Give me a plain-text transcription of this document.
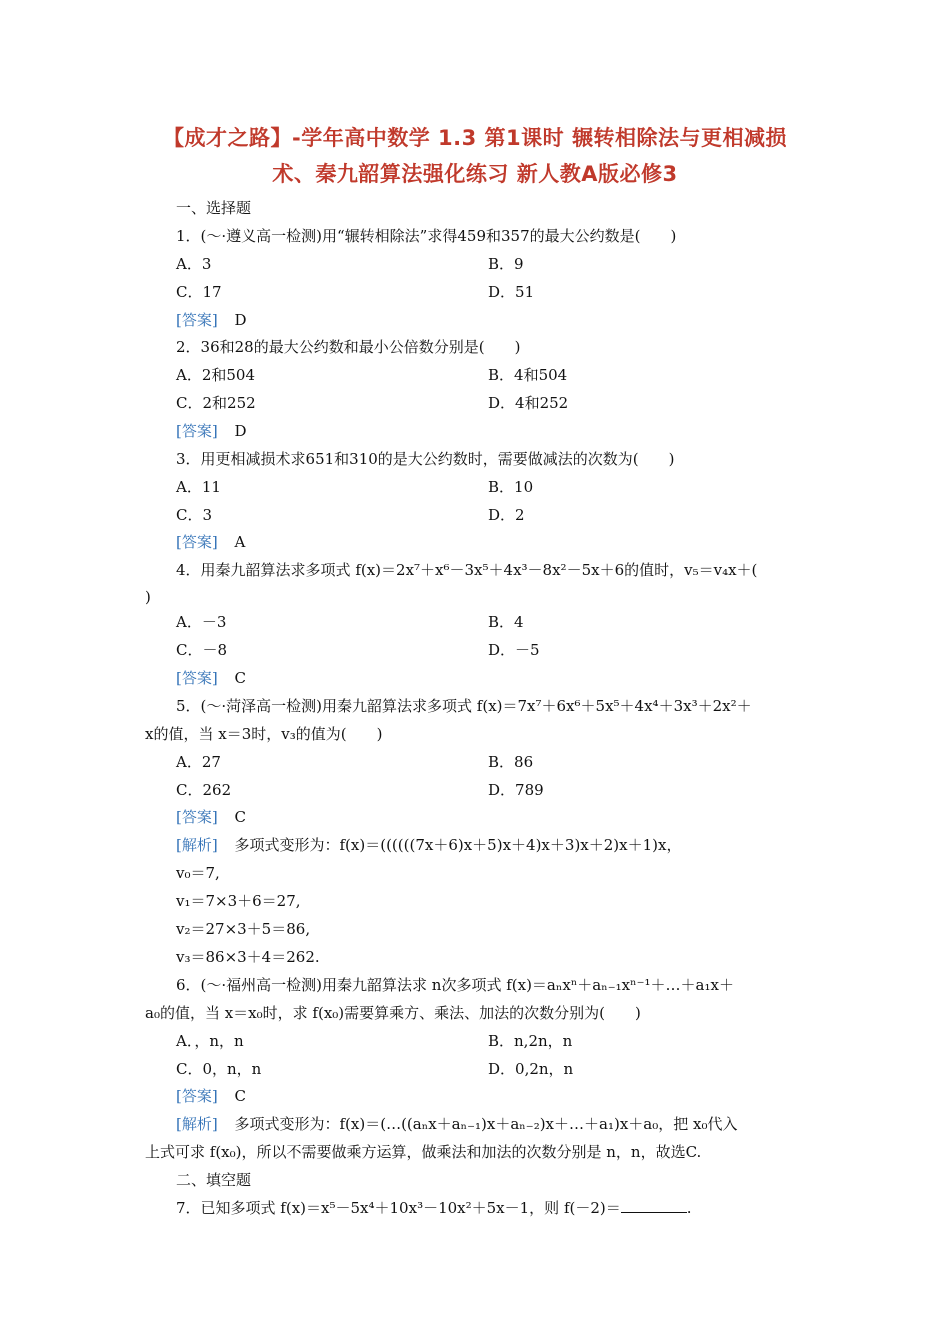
【成才之路】-学年高中数学 1.3 第1课时 辗转相除法与更相减损
术、秦九韶算法强化练习 新人教A版必修3
一、选择题
1．(～·遵义高一检测)用“辗转相除法”求得459和357的最大公约数是(　　)
A．3	B．9
C．17	D．51
[答案] D
2．36和28的最大公约数和最小公倍数分别是(　　)
A．2和504	B．4和504
C．2和252	D．4和252
[答案] D
3．用更相减损术求651和310的是大公约数时，需要做减法的次数为(　　)
A．11	B．10
C．3	D．2
[答案] A
4．用秦九韶算法求多项式 f(x)＝2x⁷＋x⁶－3x⁵＋4x³－8x²－5x＋6的值时，v₅＝v₄x＋(
)
A．－3	B．4
C．－8	D．－5
[答案] C
5．(～·菏泽高一检测)用秦九韶算法求多项式 f(x)＝7x⁷＋6x⁶＋5x⁵＋4x⁴＋3x³＋2x²＋
x的值，当 x＝3时，v₃的值为(　　)
A．27	B．86
C．262	D．789
[答案] C
[解析] 多项式变形为：f(x)＝((((((7x＋6)x＋5)x＋4)x＋3)x＋2)x＋1)x，
v₀＝7,
v₁＝7×3＋6＝27,
v₂＝27×3＋5＝86,
v₃＝86×3＋4＝262.
6．(～·福州高一检测)用秦九韶算法求 n次多项式 f(x)＝aₙxⁿ＋aₙ₋₁xⁿ⁻¹＋…＋a₁x＋
a₀的值，当 x＝x₀时，求 f(x₀)需要算乘方、乘法、加法的次数分别为(　　)
A．，n，n	B．n,2n，n
C．0，n，n	D．0,2n，n
[答案] C
[解析] 多项式变形为：f(x)＝(…((aₙx＋aₙ₋₁)x＋aₙ₋₂)x＋…＋a₁)x＋a₀，把 x₀代入
上式可求 f(x₀)，所以不需要做乘方运算，做乘法和加法的次数分别是 n，n，故选C.
二、填空题
7．已知多项式 f(x)＝x⁵－5x⁴＋10x³－10x²＋5x－1，则 f(－2)＝	.
